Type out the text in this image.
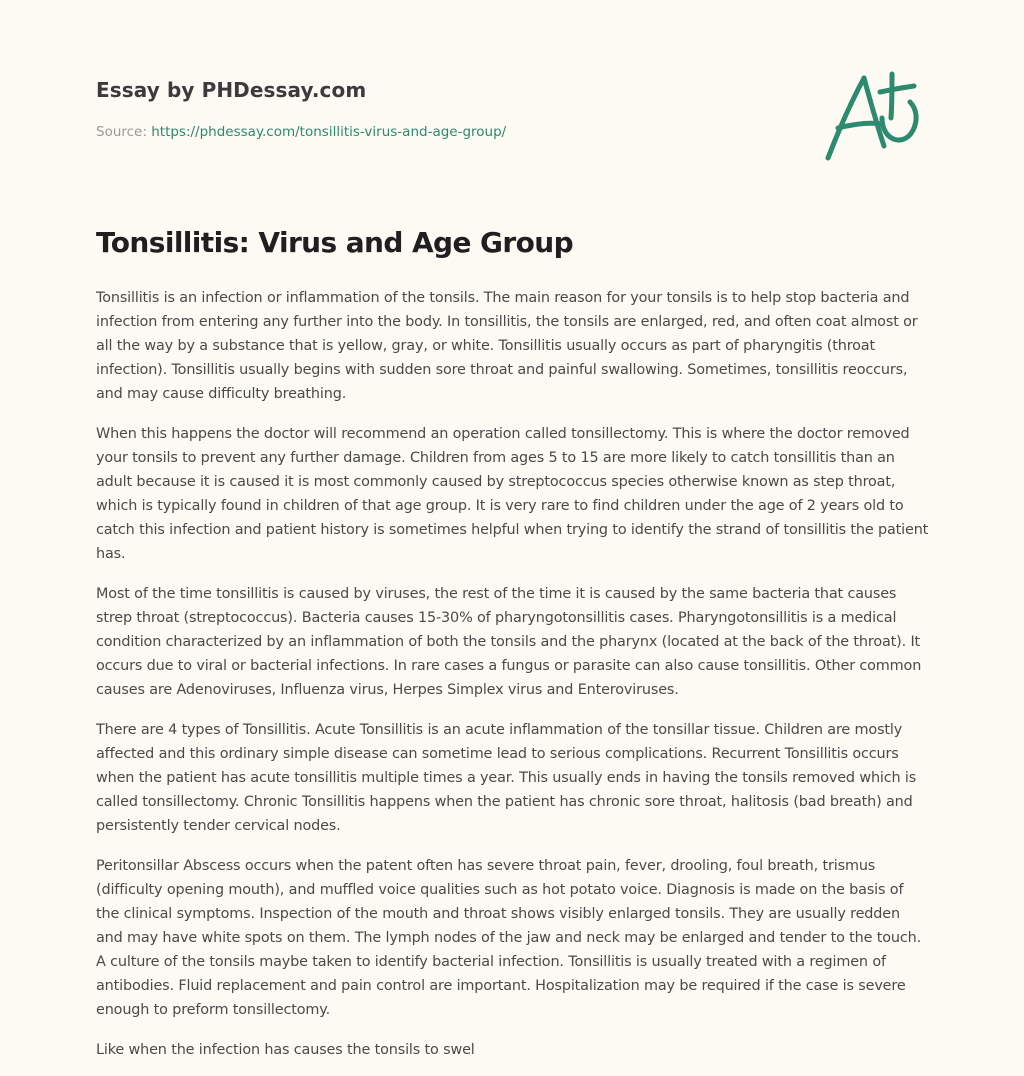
Essay by PHDessay.com
Source: https://phdessay.com/tonsillitis-virus-and-age-group/
Tonsillitis: Virus and Age Group

Tonsillitis is an infection or inflammation of the tonsils. The main reason for your tonsils is to help stop bacteria and infection from entering any further into the body. In tonsillitis, the tonsils are enlarged, red, and often coat almost or all the way by a substance that is yellow, gray, or white. Tonsillitis usually occurs as part of pharyngitis (throat infection). Tonsillitis usually begins with sudden sore throat and painful swallowing. Sometimes, tonsillitis reoccurs, and may cause difficulty breathing.

When this happens the doctor will recommend an operation called tonsillectomy. This is where the doctor removed your tonsils to prevent any further damage. Children from ages 5 to 15 are more likely to catch tonsillitis than an adult because it is caused it is most commonly caused by streptococcus species otherwise known as step throat, which is typically found in children of that age group. It is very rare to find children under the age of 2 years old to catch this infection and patient history is sometimes helpful when trying to identify the strand of tonsillitis the patient has.

Most of the time tonsillitis is caused by viruses, the rest of the time it is caused by the same bacteria that causes strep throat (streptococcus). Bacteria causes 15-30% of pharyngotonsillitis cases. Pharyngotonsillitis is a medical condition characterized by an inflammation of both the tonsils and the pharynx (located at the back of the throat). It occurs due to viral or bacterial infections. In rare cases a fungus or parasite can also cause tonsillitis. Other common causes are Adenoviruses, Influenza virus, Herpes Simplex virus and Enteroviruses.

There are 4 types of Tonsillitis. Acute Tonsillitis is an acute inflammation of the tonsillar tissue. Children are mostly affected and this ordinary simple disease can sometime lead to serious complications. Recurrent Tonsillitis occurs when the patient has acute tonsillitis multiple times a year. This usually ends in having the tonsils removed which is called tonsillectomy. Chronic Tonsillitis happens when the patient has chronic sore throat, halitosis (bad breath) and persistently tender cervical nodes.

Peritonsillar Abscess occurs when the patent often has severe throat pain, fever, drooling, foul breath, trismus (difficulty opening mouth), and muffled voice qualities such as hot potato voice. Diagnosis is made on the basis of the clinical symptoms. Inspection of the mouth and throat shows visibly enlarged tonsils. They are usually redden and may have white spots on them. The lymph nodes of the jaw and neck may be enlarged and tender to the touch. A culture of the tonsils maybe taken to identify bacterial infection. Tonsillitis is usually treated with a regimen of antibodies. Fluid replacement and pain control are important. Hospitalization may be required if the case is severe enough to preform tonsillectomy.

Like when the infection has causes the tonsils to swel
